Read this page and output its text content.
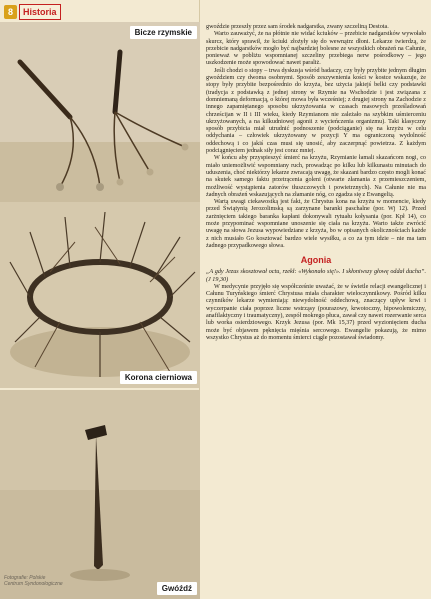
Bicze rzymskie
Korona cierniowa
Fotografie: Polskie Centrum Syndonologiczne	Gwóźdź
8	Historia

gwoździe przeszły przez sam środek nadgarstka, zwany szczeliną Destota.

Warto zauważyć, że na płótnie nie widać kciuków – przebicie nadgarstków wywołało skurcz, który sprawił, że kciuki złożyły się do wewnątrz dłoni. Lekarze twierdzą, że przebicie nadgarstków mogło być najbardziej bolesne ze wszystkich obrażeń na Całunie, ponieważ w pobliżu wspomnianej szczeliny przebiega nerw pośrodkowy – jego uszkodzenie może spowodować nawet paraliż.

Jeśli chodzi o stopy – trwa dyskusja wśród badaczy, czy były przybite jednym długim gwoździem czy dwoma osobnymi. Sposób zeszywnienia kości w kostce wskazuje, że stopy były przybite bezpośrednio do krzyża, bez użycia jakiejś belki czy podstawki (tradycja z podstawką z jednej strony w Rzymie na Wschodzie i jest związana z domniemaną deformacją, o której mowa była wcześniej; z drugiej strony na Zachodzie z innego zapamiętanego sposobu ukrzyżowania w czasach masowych prześladowań chrześcijan w II i III wieku, kiedy Rzymianom nie zależało na szybkim uśmierceniu ukrzyżowanych, a na kilkudniowej agonii z wycieńczenia organizmu). Taki klasyczny sposób przybicia miał utrudnić podnoszenie (podciąganie) się na krzyżu w celu oddychania – człowiek ukrzyżowany w pozycji Y ma ograniczoną wydolność oddechową i co jakiś czas musi się unosić, aby zaczerpnąć powietrza. Z każdym podciągnięciem jednak siły jest coraz mniej.

W końcu aby przyspieszyć śmierć na krzyżu, Rzymianie łamali skazańcom nogi, co miało uniemożliwić wspomniany ruch, prowadząc po kilku lub kilkunastu minutach do uduszenia, choć niektórzy lekarze zwracają uwagę, że skazani bardzo często mogli konać na skutek samego faktu przetrącenia goleni (otwarte złamania z przemieszczeniem, możliwość wystąpienia zatorów tłuszczowych i powietrznych). Na Całunie nie ma żadnych obrażeń wskazujących na złamanie nóg, co zgadza się z Ewangelią.

Wartą uwagi ciekawostką jest fakt, że Chrystus kona na krzyżu w momencie, kiedy przed Świątynią Jerozolimską są zarzynane baranki paschalne (por. Wj 12). Przed zarżnięciem takiego baranka kapłani dokonywali rytuału kołysania (por. Kpł 14), co może przypominać wspomniane unoszenie się ciała na krzyżu. Warto także zwrócić uwagę na słowa Jezusa wypowiedziane z krzyża, bo w opisanych okolicznościach każde z nich musiało Go kosztować bardzo wiele wysiłku, a co za tym idzie – nie ma tam żadnego przypadkowego słowa.

Agonia

„A gdy Jezus skosztował octu, rzekł: «Wykonało się!». I skłoniwszy głowę oddał ducha”. (J 19,30)

W medycynie przyjęło się współcześnie uważać, że w świetle relacji ewangelicznej i Całunu Turyńskiego śmierć Chrystusa miała charakter wieloczynnikowy. Pośród kilku czynników lekarze wymieniają: niewydolność oddechową, znaczący upływ krwi i wyczerpanie ciała poprzez liczne wstrząsy (pourazowy, krwotoczny, hipowolemiczny, anafilaktyczny i traumatyczny), zespół mokrego płuca, zawał czy nawet rozerwanie serca lub worka osierdziowego. Krzyk Jezusa (por. Mk 15,37) przed wyzionięciem ducha może być objawem pęknięcia mięśnia sercowego. Ewangelie pokazują, że mimo wszystko Chrystus aż do momentu śmierci ciągle pozostawał świadomy.
